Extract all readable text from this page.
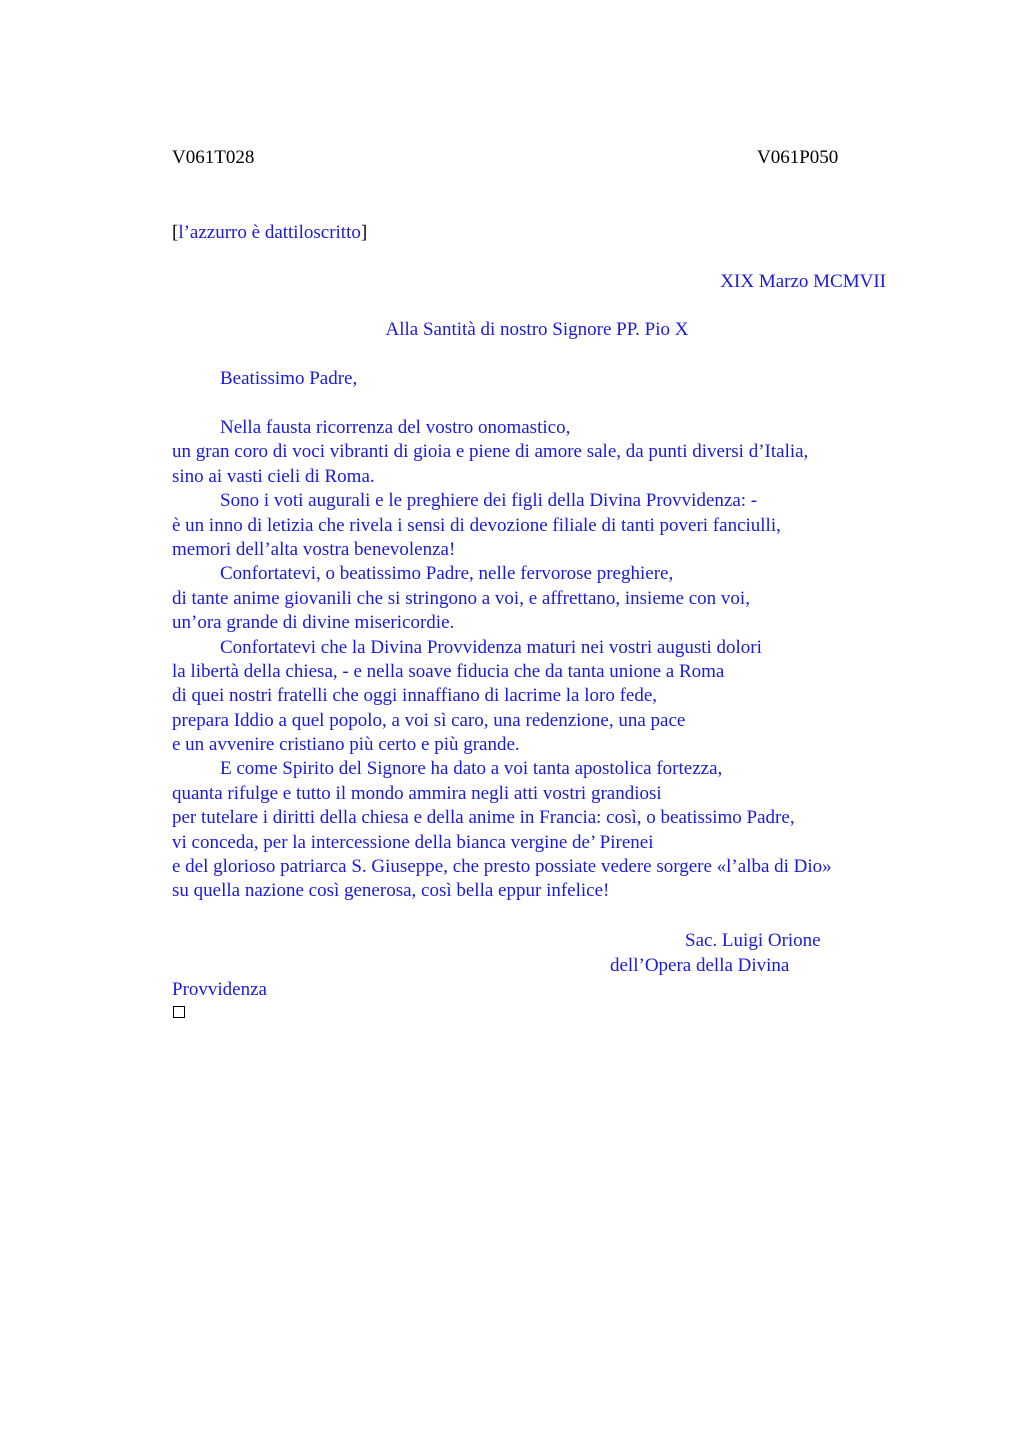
V061T028	V061P050
[l’azzurro è dattiloscritto]
XIX Marzo MCMVII
Alla Santità di nostro Signore PP. Pio X
Beatissimo Padre,
Nella fausta ricorrenza del vostro onomastico,
un gran coro di voci vibranti di gioia e piene di amore sale, da punti diversi d’Italia,
sino ai vasti cieli di Roma.
Sono i voti augurali e le preghiere dei figli della Divina Provvidenza: -
è un inno di letizia che rivela i sensi di devozione filiale di tanti poveri fanciulli,
memori dell’alta vostra benevolenza!
Confortatevi, o beatissimo Padre, nelle fervorose preghiere,
di tante anime giovanili che si stringono a voi, e affrettano, insieme con voi,
un’ora grande di divine misericordie.
Confortatevi che la Divina Provvidenza maturi nei vostri augusti dolori
la libertà della chiesa, - e nella soave fiducia che da tanta unione a Roma
di quei nostri fratelli che oggi innaffiano di lacrime la loro fede,
prepara Iddio a quel popolo, a voi sì caro, una redenzione, una pace
e un avvenire cristiano più certo e più grande.
E come Spirito del Signore ha dato a voi tanta apostolica fortezza,
quanta rifulge e tutto il mondo ammira negli atti vostri grandiosi
per tutelare i diritti della chiesa e della anime in Francia: così, o beatissimo Padre,
vi conceda, per la intercessione della bianca vergine de’ Pirenei
e del glorioso patriarca S. Giuseppe, che presto possiate vedere sorgere «l’alba di Dio»
su quella nazione così generosa, così bella eppur infelice!
Sac. Luigi Orione
dell’Opera della Divina
Provvidenza
